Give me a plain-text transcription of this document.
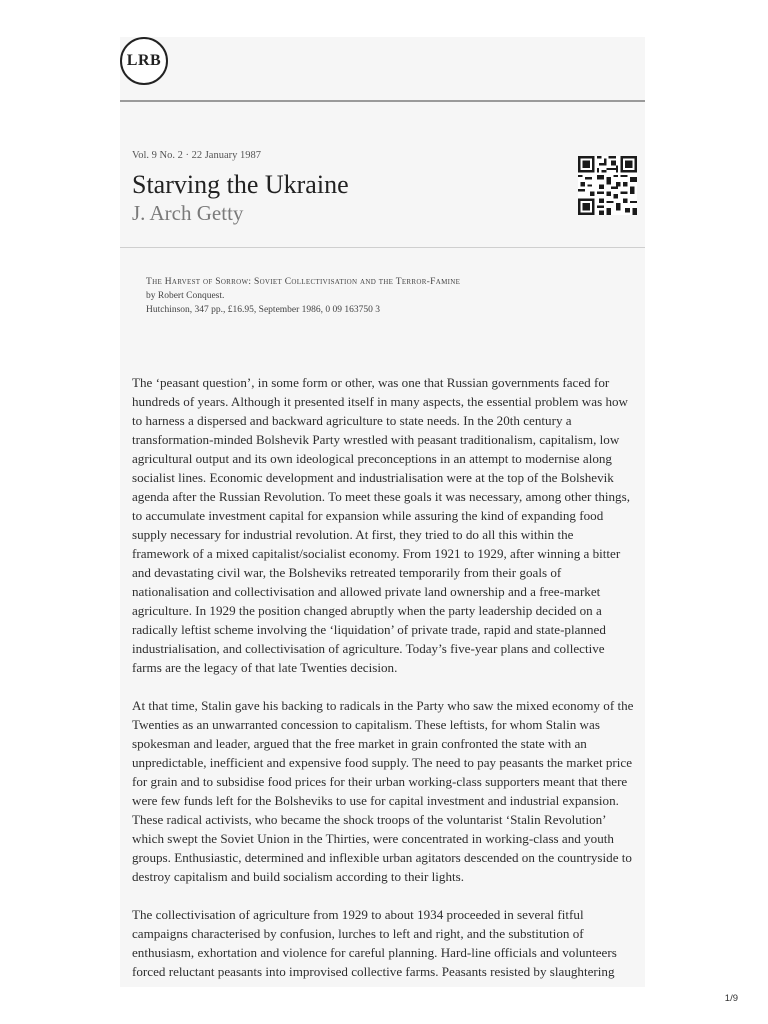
LRB
Vol. 9 No. 2 · 22 January 1987
Starving the Ukraine
J. Arch Getty
The Harvest of Sorrow: Soviet Collectivisation and the Terror-Famine
by Robert Conquest.
Hutchinson, 347 pp., £16.95, September 1986, 0 09 163750 3

The ‘peasant question’, in some form or other, was one that Russian governments faced for hundreds of years. Although it presented itself in many aspects, the essential problem was how to harness a dispersed and backward agriculture to state needs. In the 20th century a transformation-minded Bolshevik Party wrestled with peasant traditionalism, capitalism, low agricultural output and its own ideological preconceptions in an attempt to modernise along socialist lines. Economic development and industrialisation were at the top of the Bolshevik agenda after the Russian Revolution. To meet these goals it was necessary, among other things, to accumulate investment capital for expansion while assuring the kind of expanding food supply necessary for industrial revolution. At first, they tried to do all this within the framework of a mixed capitalist/socialist economy. From 1921 to 1929, after winning a bitter and devastating civil war, the Bolsheviks retreated temporarily from their goals of nationalisation and collectivisation and allowed private land ownership and a free-market agriculture. In 1929 the position changed abruptly when the party leadership decided on a radically leftist scheme involving the ‘liquidation’ of private trade, rapid and state-planned industrialisation, and collectivisation of agriculture. Today’s five-year plans and collective farms are the legacy of that late Twenties decision.

At that time, Stalin gave his backing to radicals in the Party who saw the mixed economy of the Twenties as an unwarranted concession to capitalism. These leftists, for whom Stalin was spokesman and leader, argued that the free market in grain confronted the state with an unpredictable, inefficient and expensive food supply. The need to pay peasants the market price for grain and to subsidise food prices for their urban working-class supporters meant that there were few funds left for the Bolsheviks to use for capital investment and industrial expansion. These radical activists, who became the shock troops of the voluntarist ‘Stalin Revolution’ which swept the Soviet Union in the Thirties, were concentrated in working-class and youth groups. Enthusiastic, determined and inflexible urban agitators descended on the countryside to destroy capitalism and build socialism according to their lights.

The collectivisation of agriculture from 1929 to about 1934 proceeded in several fitful campaigns characterised by confusion, lurches to left and right, and the substitution of enthusiasm, exhortation and violence for careful planning. Hard-line officials and volunteers forced reluctant peasants into improvised collective farms. Peasants resisted by slaughtering

1/9
